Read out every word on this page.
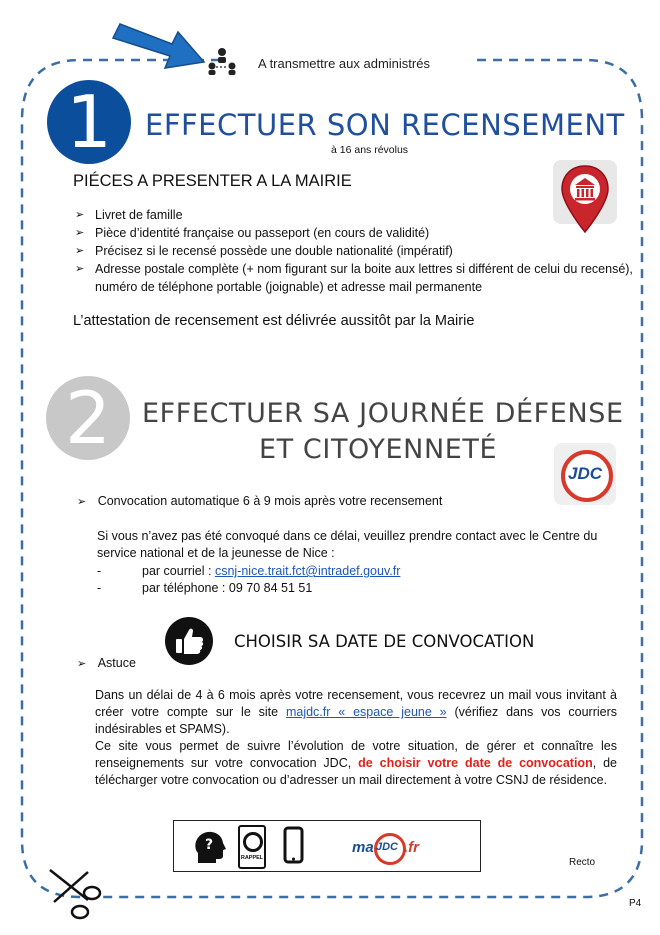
A transmettre aux administrés
1	EFFECTUER SON RECENSEMENT
à 16 ans révolus
PIÉCES A PRESENTER A LA MAIRIE
➢ Livret de famille
➢ Pièce d’identité française ou passeport (en cours de validité)
➢ Précisez si le recensé possède une double nationalité (impératif)
➢ Adresse postale complète (+ nom figurant sur la boite aux lettres si différent de celui du recensé), numéro de téléphone portable (joignable) et adresse mail permanente
L’attestation de recensement est délivrée aussitôt par la Mairie
2	EFFECTUER SA JOURNÉE DÉFENSE
ET CITOYENNETÉ
JDC
➢ Convocation automatique 6 à 9 mois après votre recensement
Si vous n’avez pas été convoqué dans ce délai, veuillez prendre contact avec le Centre du service national et de la jeunesse de Nice :
-	par courriel : csnj-nice.trait.fct@intradef.gouv.fr
-	par téléphone : 09 70 84 51 51
CHOISIR SA DATE DE CONVOCATION
➢ Astuce
Dans un délai de 4 à 6 mois après votre recensement, vous recevrez un mail vous invitant à créer votre compte sur le site majdc.fr « espace jeune » (vérifiez dans vos courriers indésirables et SPAMS).
Ce site vous permet de suivre l’évolution de votre situation, de gérer et connaître les renseignements sur votre convocation JDC, de choisir votre date de convocation, de télécharger votre convocation ou d’adresser un mail directement à votre CSNJ de résidence.
?
RAPPEL
ma JDC .fr
Recto
P4
